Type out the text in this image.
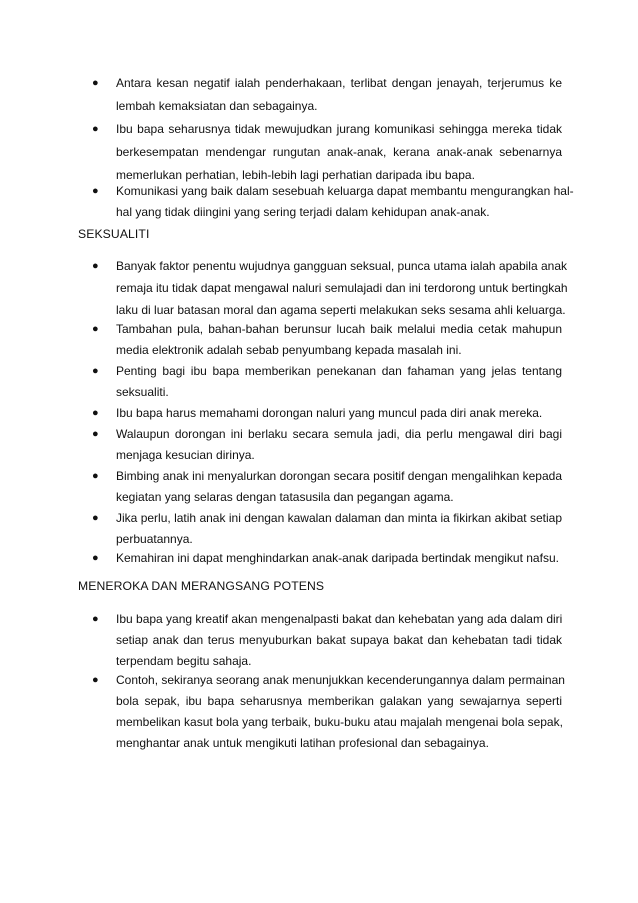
● Antara kesan negatif ialah penderhakaan, terlibat dengan jenayah, terjerumus ke
lembah kemaksiatan dan sebagainya.
● Ibu bapa seharusnya tidak mewujudkan jurang komunikasi sehingga mereka tidak
berkesempatan mendengar rungutan anak-anak, kerana anak-anak sebenarnya
memerlukan perhatian, lebih-lebih lagi perhatian daripada ibu bapa.
● Komunikasi yang baik dalam sesebuah keluarga dapat membantu mengurangkan hal-
hal yang tidak diingini yang sering terjadi dalam kehidupan anak-anak.
SEKSUALITI
● Banyak faktor penentu wujudnya gangguan seksual, punca utama ialah apabila anak
remaja itu tidak dapat mengawal naluri semulajadi dan ini terdorong untuk bertingkah
laku di luar batasan moral dan agama seperti melakukan seks sesama ahli keluarga.
● Tambahan pula, bahan-bahan berunsur lucah baik melalui media cetak mahupun
media elektronik adalah sebab penyumbang kepada masalah ini.
● Penting bagi ibu bapa memberikan penekanan dan fahaman yang jelas tentang
seksualiti.
● Ibu bapa harus memahami dorongan naluri yang muncul pada diri anak mereka.
● Walaupun dorongan ini berlaku secara semula jadi, dia perlu mengawal diri bagi
menjaga kesucian dirinya.
● Bimbing anak ini menyalurkan dorongan secara positif dengan mengalihkan kepada
kegiatan yang selaras dengan tatasusila dan pegangan agama.
● Jika perlu, latih anak ini dengan kawalan dalaman dan minta ia fikirkan akibat setiap
perbuatannya.
● Kemahiran ini dapat menghindarkan anak-anak daripada bertindak mengikut nafsu.
MENEROKA DAN MERANGSANG POTENS
● Ibu bapa yang kreatif akan mengenalpasti bakat dan kehebatan yang ada dalam diri
setiap anak dan terus menyuburkan bakat supaya bakat dan kehebatan tadi tidak
terpendam begitu sahaja.
● Contoh, sekiranya seorang anak menunjukkan kecenderungannya dalam permainan
bola sepak, ibu bapa seharusnya memberikan galakan yang sewajarnya seperti
membelikan kasut bola yang terbaik, buku-buku atau majalah mengenai bola sepak,
menghantar anak untuk mengikuti latihan profesional dan sebagainya.
